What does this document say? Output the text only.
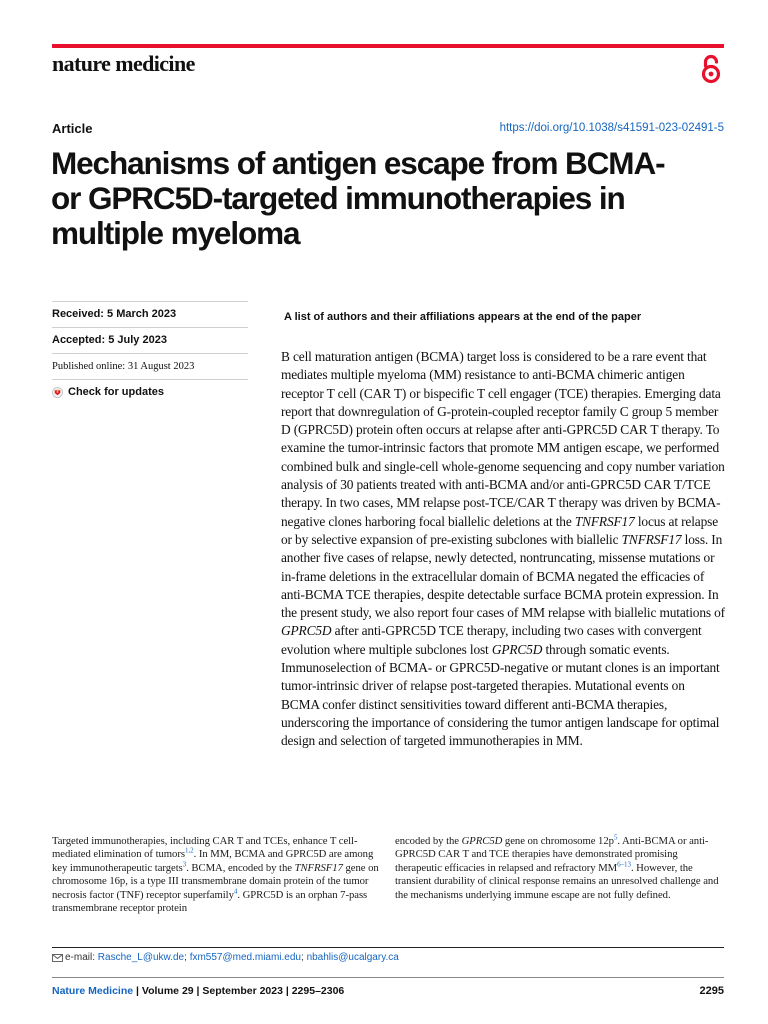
nature medicine
Article	https://doi.org/10.1038/s41591-023-02491-5
Mechanisms of antigen escape from BCMA-
or GPRC5D-targeted immunotherapies in
multiple myeloma
Received: 5 March 2023
Accepted: 5 July 2023
Published online: 31 August 2023
Check for updates
A list of authors and their affiliations appears at the end of the paper

B cell maturation antigen (BCMA) target loss is considered to be a rare event that mediates multiple myeloma (MM) resistance to anti-BCMA chimeric antigen receptor T cell (CAR T) or bispecific T cell engager (TCE) therapies. Emerging data report that downregulation of G-protein-coupled receptor family C group 5 member D (GPRC5D) protein often occurs at relapse after anti-GPRC5D CAR T therapy. To examine the tumor-intrinsic factors that promote MM antigen escape, we performed combined bulk and single-cell whole-genome sequencing and copy number variation analysis of 30 patients treated with anti-BCMA and/or anti-GPRC5D CAR T/TCE therapy. In two cases, MM relapse post-TCE/CAR T therapy was driven by BCMA-negative clones harboring focal biallelic deletions at the TNFRSF17 locus at relapse or by selective expansion of pre-existing subclones with biallelic TNFRSF17 loss. In another five cases of relapse, newly detected, nontruncating, missense mutations or in-frame deletions in the extracellular domain of BCMA negated the efficacies of anti-BCMA TCE therapies, despite detectable surface BCMA protein expression. In the present study, we also report four cases of MM relapse with biallelic mutations of GPRC5D after anti-GPRC5D TCE therapy, including two cases with convergent evolution where multiple subclones lost GPRC5D through somatic events. Immunoselection of BCMA- or GPRC5D-negative or mutant clones is an important tumor-intrinsic driver of relapse post-targeted therapies. Mutational events on BCMA confer distinct sensitivities toward different anti-BCMA therapies, underscoring the importance of considering the tumor antigen landscape for optimal design and selection of targeted immunotherapies in MM.

Targeted immunotherapies, including CAR T and TCEs, enhance T cell-mediated elimination of tumors$^{1,2}$. In MM, BCMA and GPRC5D are among key immunotherapeutic targets$^3$. BCMA, encoded by the TNFRSF17 gene on chromosome 16p, is a type III transmembrane domain protein of the tumor necrosis factor (TNF) receptor superfamily$^4$. GPRC5D is an orphan 7-pass transmembrane receptor protein

encoded by the GPRC5D gene on chromosome $12p^5$. Anti-BCMA or anti-GPRC5D CAR T and TCE therapies have demonstrated promising therapeutic efficacies in relapsed and refractory MM$^{6-13}$. However, the transient durability of clinical response remains an unresolved challenge and the mechanisms underlying immune escape are not fully defined.

e-mail:
Rasche_L@ukw.de ;
fxm557@med.miami.edu ;
nbahlis@ucalgary.ca
Nature Medicine | Volume 29 | September 2023 | 2295–2306	2295
